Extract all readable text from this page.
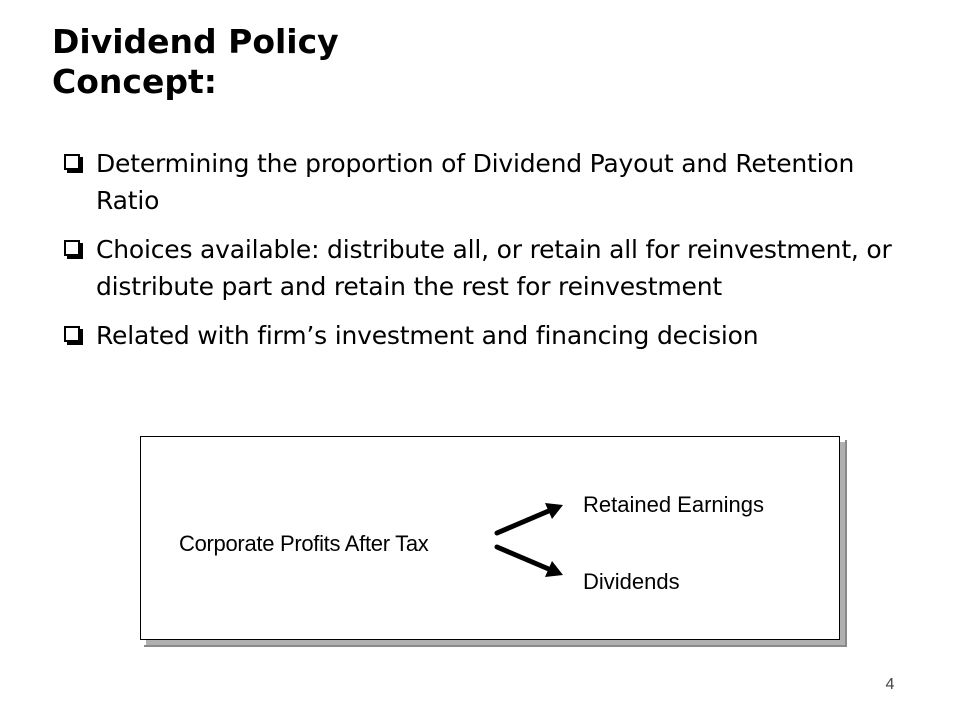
Dividend Policy
Concept:
Determining the proportion of Dividend Payout and Retention Ratio
Choices available: distribute all, or retain all for reinvestment, or distribute part and retain the rest for reinvestment
Related with firm’s investment and financing decision
Corporate Profits After Tax
Retained Earnings
Dividends
4
